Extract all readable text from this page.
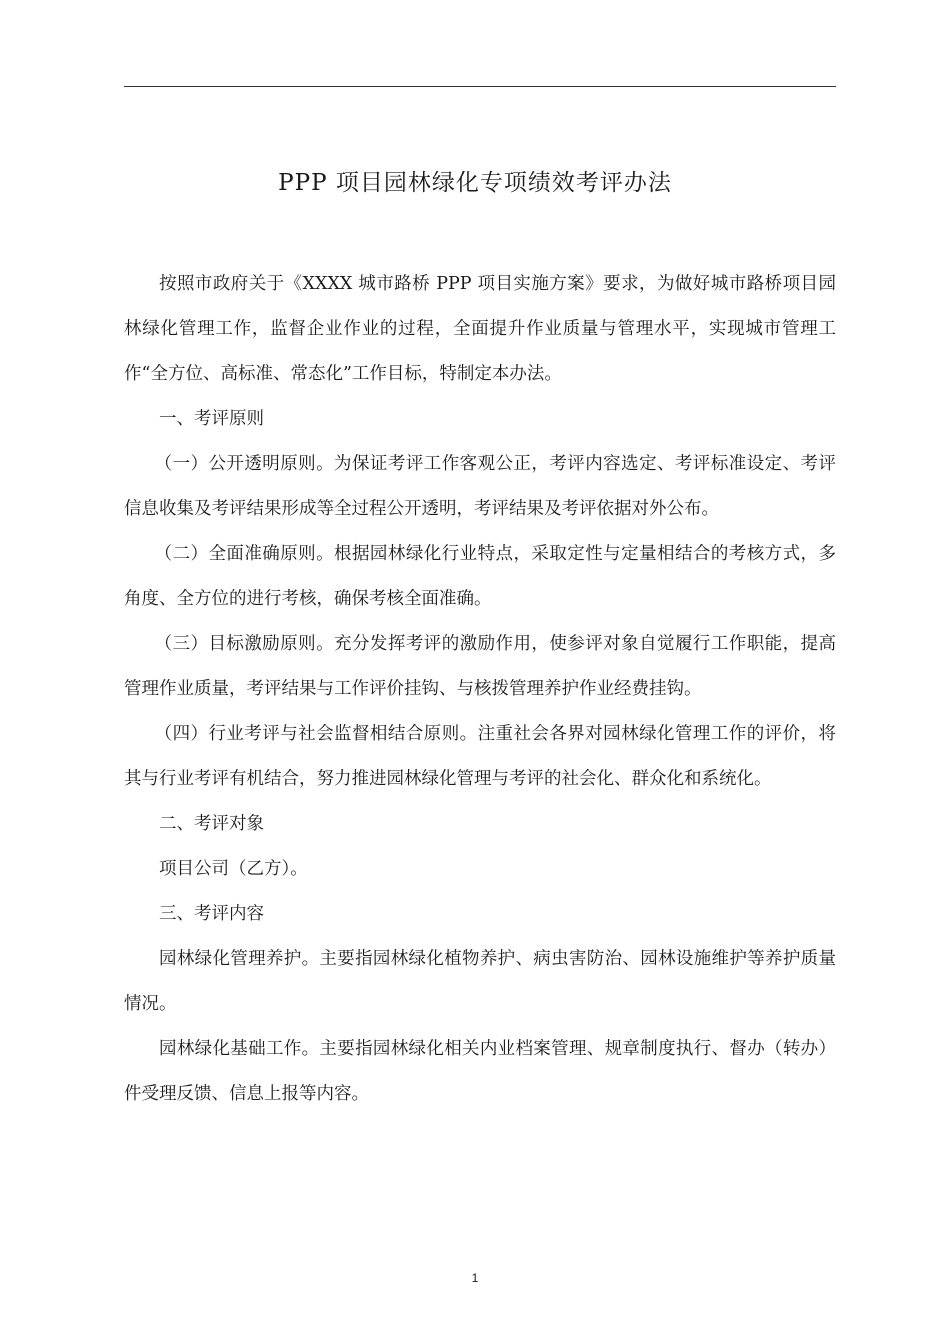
PPP 项目园林绿化专项绩效考评办法

按照市政府关于《XXXX 城市路桥 PPP 项目实施方案》要求，为做好城市路桥项目园林绿化管理工作，监督企业作业的过程，全面提升作业质量与管理水平，实现城市管理工作“全方位、高标准、常态化”工作目标，特制定本办法。

一、考评原则

（一）公开透明原则。为保证考评工作客观公正，考评内容选定、考评标准设定、考评信息收集及考评结果形成等全过程公开透明，考评结果及考评依据对外公布。

（二）全面准确原则。根据园林绿化行业特点，采取定性与定量相结合的考核方式，多角度、全方位的进行考核，确保考核全面准确。

（三）目标激励原则。充分发挥考评的激励作用，使参评对象自觉履行工作职能，提高管理作业质量，考评结果与工作评价挂钩、与核拨管理养护作业经费挂钩。

（四）行业考评与社会监督相结合原则。注重社会各界对园林绿化管理工作的评价，将其与行业考评有机结合，努力推进园林绿化管理与考评的社会化、群众化和系统化。

二、考评对象

项目公司（乙方）。

三、考评内容

园林绿化管理养护。主要指园林绿化植物养护、病虫害防治、园林设施维护等养护质量情况。

园林绿化基础工作。主要指园林绿化相关内业档案管理、规章制度执行、督办（转办）件受理反馈、信息上报等内容。

1
